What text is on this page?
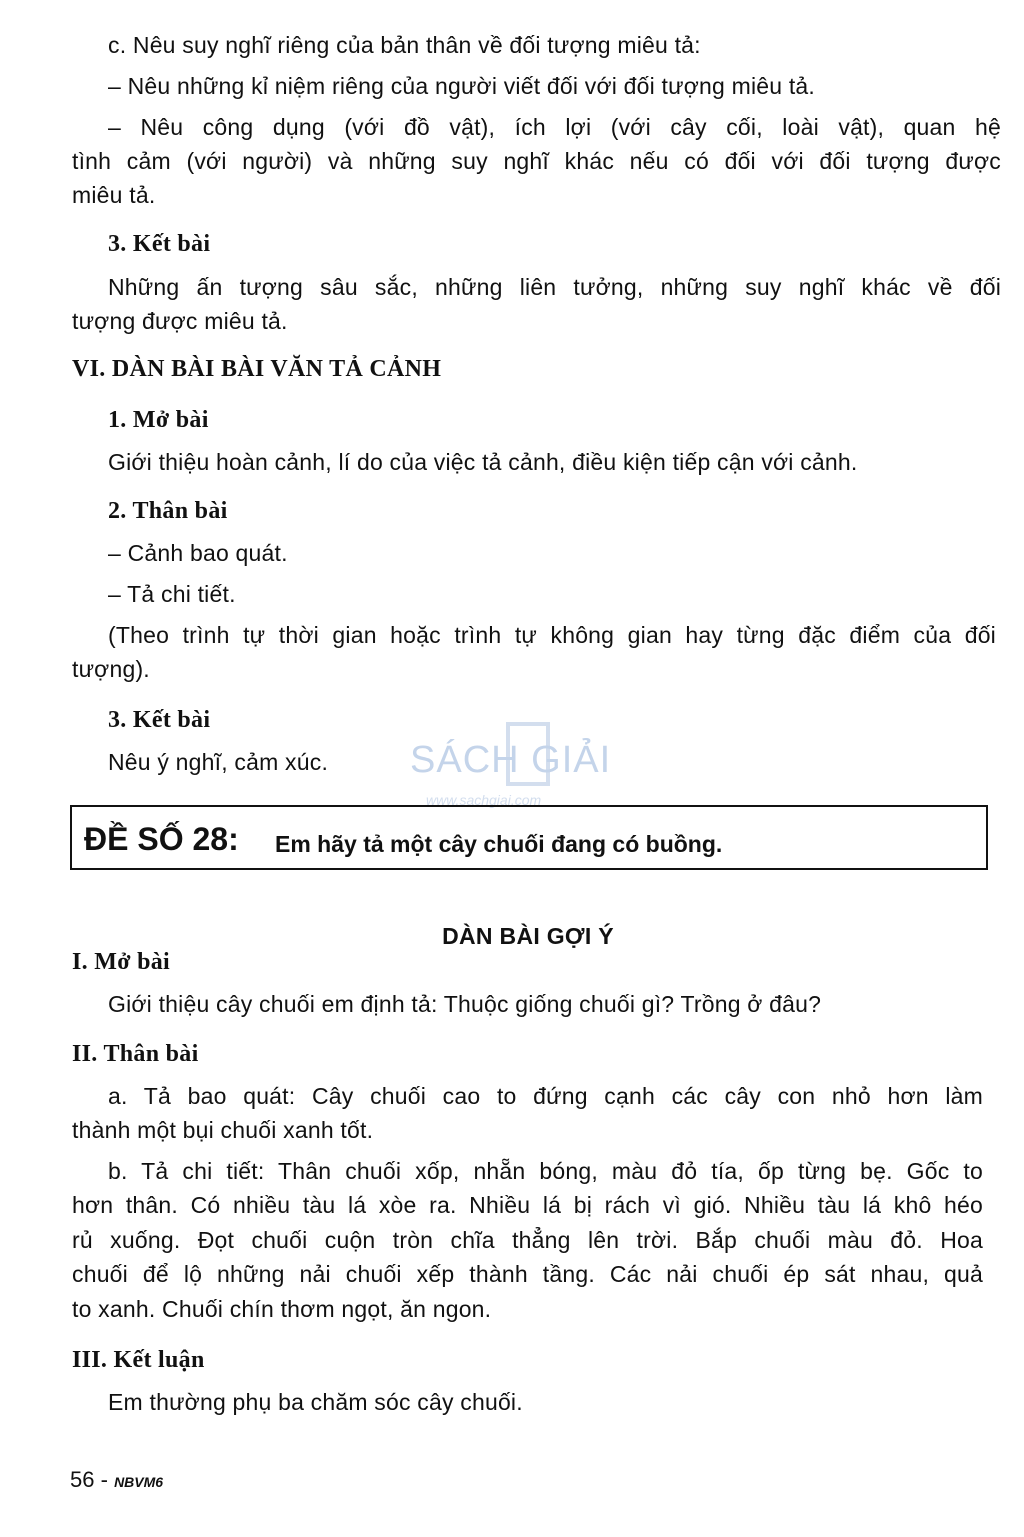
c. Nêu suy nghĩ riêng của bản thân về đối tượng miêu tả:

– Nêu những kỉ niệm riêng của người viết đối với đối tượng miêu tả.

– Nêu công dụng (với đồ vật), ích lợi (với cây cối, loài vật), quan hệ

tình cảm (với người) và những suy nghĩ khác nếu có đối với đối tượng được

miêu tả.

3. Kết bài

Những ấn tượng sâu sắc, những liên tưởng, những suy nghĩ khác về đối

tượng được miêu tả.

VI. DÀN BÀI BÀI VĂN TẢ CẢNH

1. Mở bài

Giới thiệu hoàn cảnh, lí do của việc tả cảnh, điều kiện tiếp cận với cảnh.

2. Thân bài

– Cảnh bao quát.

– Tả chi tiết.

(Theo trình tự thời gian hoặc trình tự không gian hay từng đặc điểm của đối

tượng).

3. Kết bài

Nêu ý nghĩ, cảm xúc. SÁCH GIẢI
www.sachgiai.com
ĐỀ SỐ 28: Em hãy tả một cây chuối đang có buồng.

DÀN BÀI GỢI Ý

I. Mở bài

Giới thiệu cây chuối em định tả: Thuộc giống chuối gì? Trồng ở đâu?

II. Thân bài

a. Tả bao quát: Cây chuối cao to đứng cạnh các cây con nhỏ hơn làm

thành một bụi chuối xanh tốt.

b. Tả chi tiết: Thân chuối xốp, nhẵn bóng, màu đỏ tía, ốp từng bẹ. Gốc to

hơn thân. Có nhiều tàu lá xòe ra. Nhiều lá bị rách vì gió. Nhiều tàu lá khô héo

rủ xuống. Đọt chuối cuộn tròn chĩa thẳng lên trời. Bắp chuối màu đỏ. Hoa

chuối để lộ những nải chuối xếp thành tầng. Các nải chuối ép sát nhau, quả

to xanh. Chuối chín thơm ngọt, ăn ngon.

III. Kết luận

Em thường phụ ba chăm sóc cây chuối.

56 - NBVM6
